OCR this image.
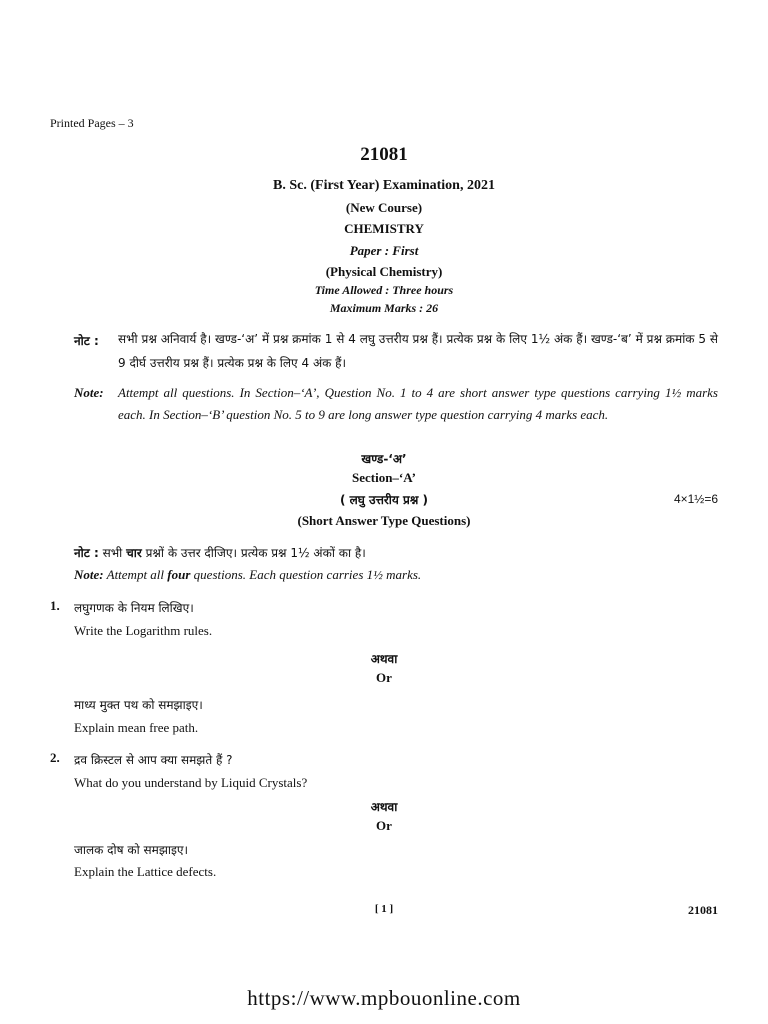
Printed Pages – 3
21081
B. Sc. (First Year) Examination, 2021
(New Course)
CHEMISTRY
Paper : First
(Physical Chemistry)
Time Allowed : Three hours
Maximum Marks : 26
नोट : सभी प्रश्न अनिवार्य है। खण्ड-‘अ’ में प्रश्न क्रमांक 1 से 4 लघु उत्तरीय प्रश्न हैं। प्रत्येक प्रश्न के लिए 1½ अंक हैं। खण्ड-‘ब’ में प्रश्न क्रमांक 5 से 9 दीर्घ उत्तरीय प्रश्न हैं। प्रत्येक प्रश्न के लिए 4 अंक हैं।
Note: Attempt all questions. In Section–‘A’, Question No. 1 to 4 are short answer type questions carrying 1½ marks each. In Section–‘B’ question No. 5 to 9 are long answer type question carrying 4 marks each.
खण्ड-‘अ’
Section–‘A’
( लघु उत्तरीय प्रश्न )	4×1½=6
(Short Answer Type Questions)
नोट : सभी चार प्रश्नों के उत्तर दीजिए। प्रत्येक प्रश्न 1½ अंकों का है।
Note: Attempt all four questions. Each question carries 1½ marks.
1. लघुगणक के नियम लिखिए।
Write the Logarithm rules.
अथवा
Or
माध्य मुक्त पथ को समझाइए।
Explain mean free path.
2. द्रव क्रिस्टल से आप क्या समझते हैं ?
What do you understand by Liquid Crystals?
अथवा
Or
जालक दोष को समझाइए।
Explain the Lattice defects.
[ 1 ]	21081
https://www.mpbouonline.com
